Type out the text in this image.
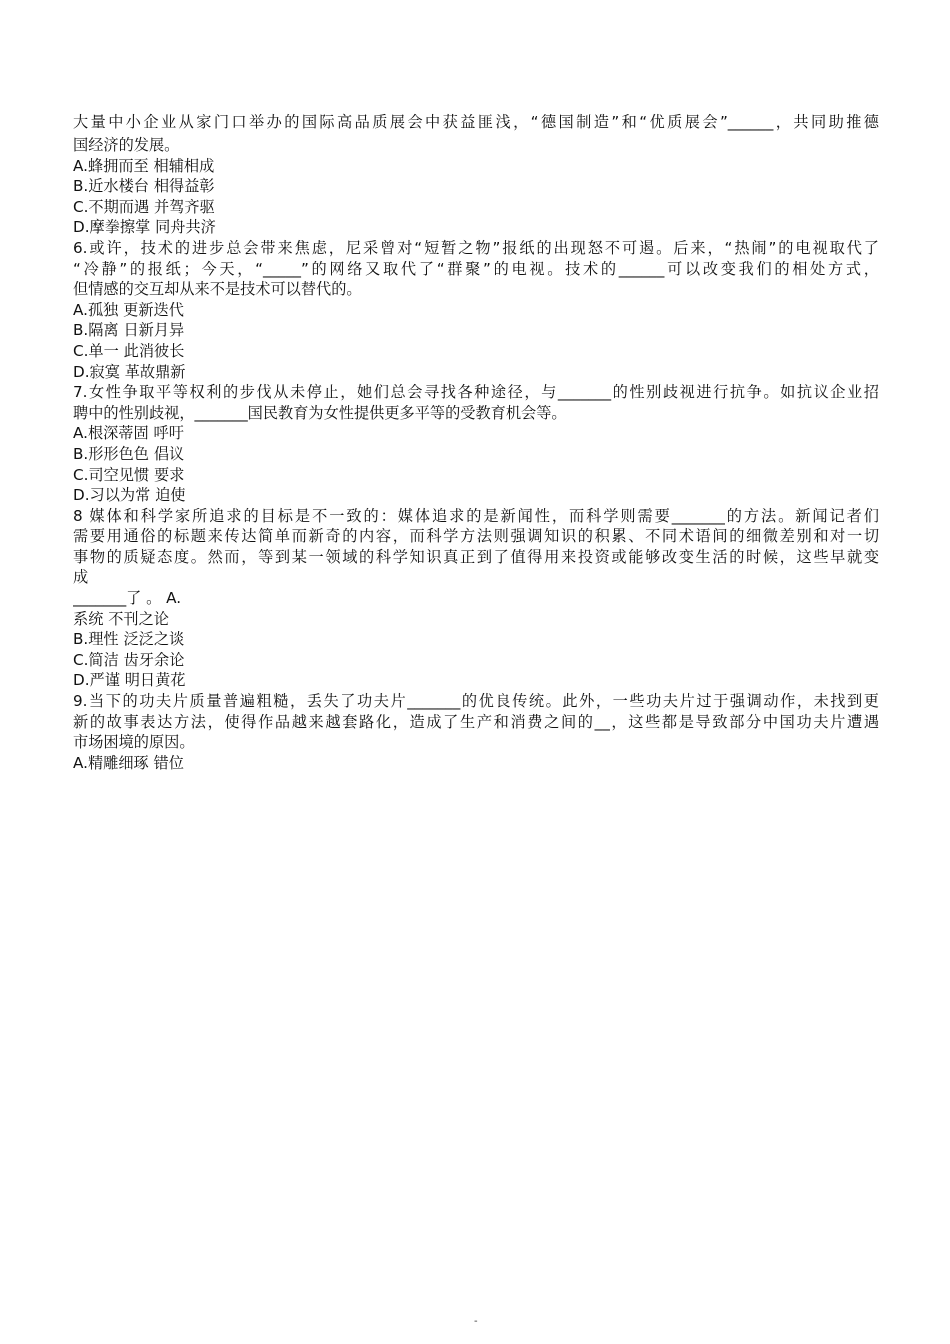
大量中小企业从家门口举办的国际高品质展会中获益匪浅，“德国制造”和“优质展会”______，共同助推德
国经济的发展。
A.蜂拥而至 相辅相成
B.近水楼台 相得益彰
C.不期而遇 并驾齐驱
D.摩拳擦掌 同舟共济
6.或许，技术的进步总会带来焦虑，尼采曾对“短暂之物”报纸的出现怒不可遏。后来，“热闹”的电视取代了
“冷静”的报纸；今天，“_____”的网络又取代了“群聚”的电视。技术的______可以改变我们的相处方式，
但情感的交互却从来不是技术可以替代的。
A.孤独 更新迭代
B.隔离 日新月异
C.单一 此消彼长
D.寂寞 革故鼎新
7.女性争取平等权利的步伐从未停止，她们总会寻找各种途径，与_______的性别歧视进行抗争。如抗议企业招
聘中的性别歧视，_______国民教育为女性提供更多平等的受教育机会等。
A.根深蒂固 呼吁
B.形形色色 倡议
C.司空见惯 要求
D.习以为常 迫使
8 媒体和科学家所追求的目标是不一致的：媒体追求的是新闻性，而科学则需要_______的方法。新闻记者们
需要用通俗的标题来传达简单而新奇的内容，而科学方法则强调知识的积累、不同术语间的细微差别和对一切
事物的质疑态度。然而，等到某一领域的科学知识真正到了值得用来投资或能够改变生活的时候，这些早就变
成
_______了 。 A.
系统 不刊之论
B.理性 泛泛之谈
C.简洁 齿牙余论
D.严谨 明日黄花
9.当下的功夫片质量普遍粗糙，丢失了功夫片_______的优良传统。此外，一些功夫片过于强调动作，未找到更
新的故事表达方法，使得作品越来越套路化，造成了生产和消费之间的__，这些都是导致部分中国功夫片遭遇
市场困境的原因。
A.精雕细琢 错位
-
